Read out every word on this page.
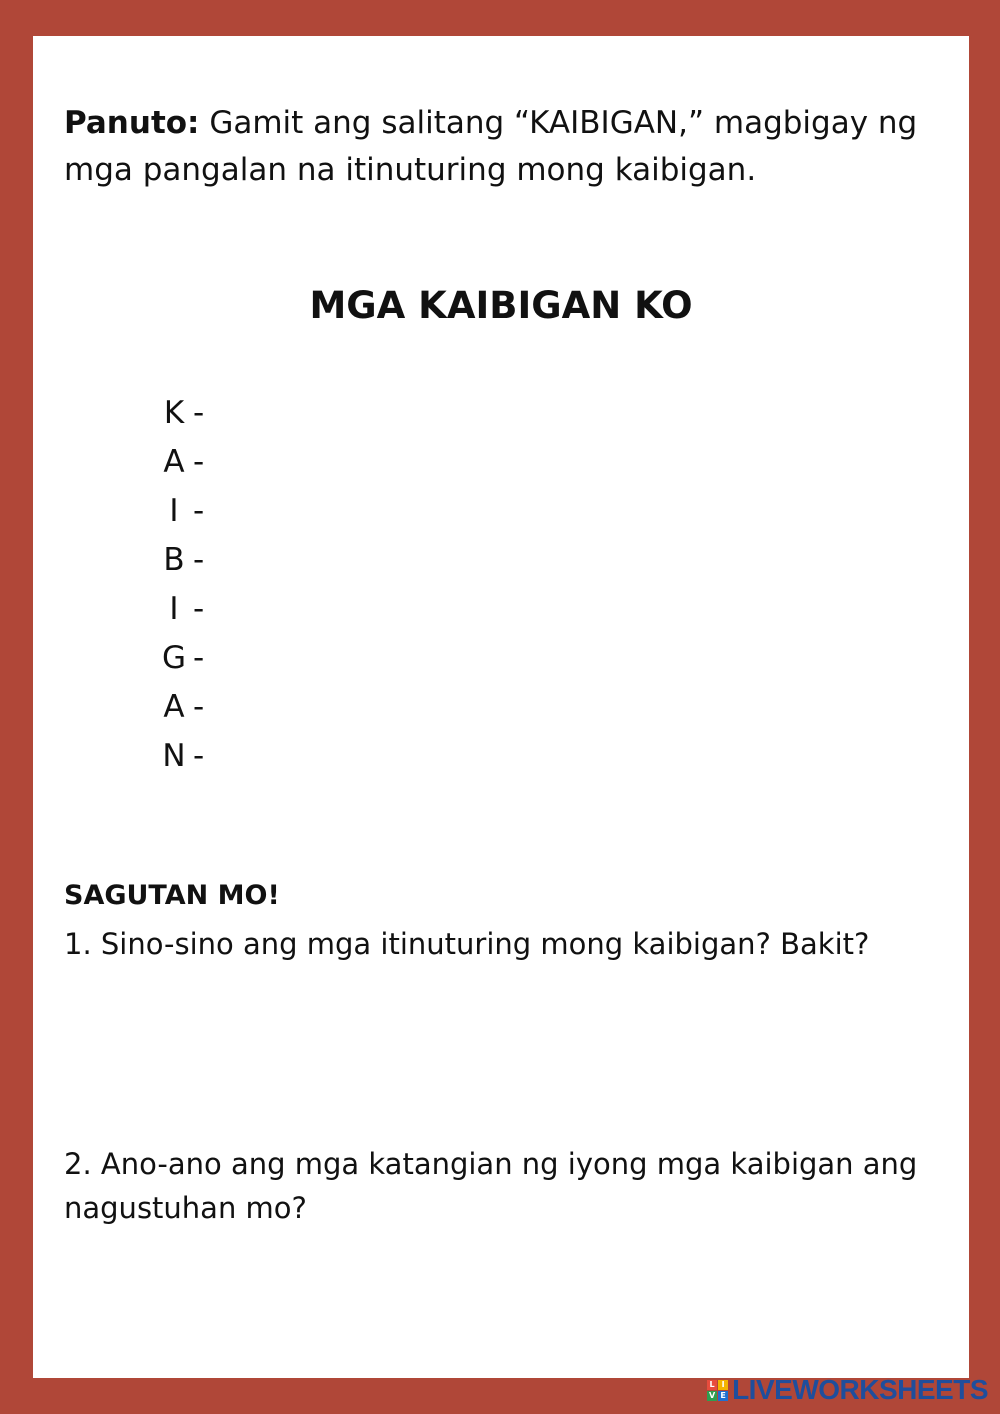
Panuto: Gamit ang salitang “KAIBIGAN,” magbigay ng mga pangalan na itinuturing mong kaibigan.

MGA KAIBIGAN KO
K -
A -
I -
B -
I -
G -
A -
N -
SAGUTAN MO!

1. Sino-sino ang mga itinuturing mong kaibigan? Bakit?

2. Ano-ano ang mga katangian ng iyong mga kaibigan ang nagustuhan mo?

L I
V E LIVEWORKSHEETS
